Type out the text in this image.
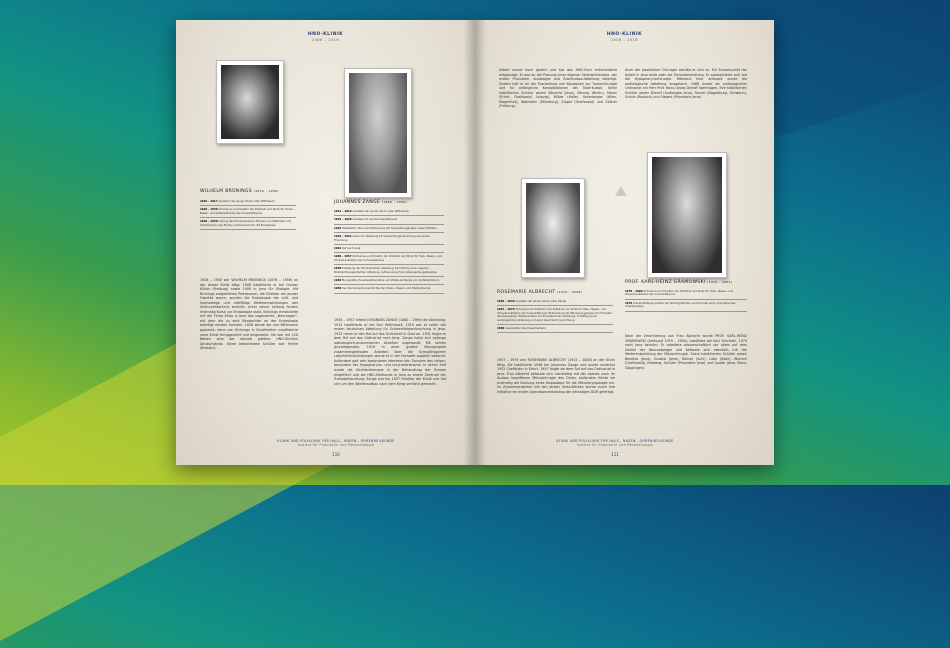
HNO-KLINIK
2006 – 2016
WILHELM BRÜNINGS (1876 – 1958)
1916 – 1917 Assistent der Jenaer Klinik unter Wittmaack
1926 – 1930 Ordinarius und Direktor der Poliklinik und Klinik für Ohren-, Nasen- und Kehlkopfkranke der Universität Jena
1926 – 1930 Leitung des Klinikneubaues, Erfinder von Methoden und Instrumenten des Faches, Autorenkreis für die Endoskopie
JOHANNES ZANGE (1880 – 1969)
1911 – 1919 Assistent der Jenaer Klinik unter Wittmaack
1919 – 1920 Assistent im Garnisonlazarett Jena
1916 Habilitation über die Entzündung der Sympatikusganglien Labyrinthfistel
1919 – 1922 Leiter der Abteilung für Schwerhörigenforschung der Jenaer Forschung
1922 Ruf nach Graz
1930 – 1957 Ordinarius und Direktor der Poliklinik und Klinik für Hals-, Nasen- und Ohrenkrankheiten der Universität Jena
1938 Erstellung der Phoniatrischen Abteilung, Einrichtung einer eigenen Strahlentherapeutischen Abteilung, Aufbau eines Tumorüberwachungsdienstes
1940 Monografie, Hausmedizinerlehre und Zitate als Studie von Verfallentümern
1950 Der ökumenische Geschichte der Ohren-, Nasen- und Halsheilkunde
1926 – 1930 war WILHELM BRÜNINGS (1876 – 1958) an der Jenaer Klinik tätig. 1908 habilitierte er bei Gustav Killian (Freiburg) sowie 1909 in Jena für Otologie. Mit Brünings aufgeklärten Professoren, die Direktor der Jenaer Fakultät waren, wurden die Endoskopie der Luft- und Speisewege und vielfältige Weiterentwicklungen des Instrumentariums erreicht. Unter seiner Leitung fanden erstmalig Kurse zur Endoskopie statt. Brünings entwickelte mit der Firma Zeiss in Jena das sogenannte „Neuraagor“, mit dem die zu acht Beobachter an der Endoskopie beteiligt werden konnten. 1928 wurde die von Wittmaack geplante, dann von Brünings in Einzelheiten modifizierte neue Klinik fertiggestellt und eingeweiht. Sie war mit 120 Betten eine der damals größten HNO-Kliniken Deutschlands. Seine bekannteste Schüler war Fehrle (Breslau).
1930 – 1957 leitete JOHANNES ZANGE (1880 – 1969) die Abteilung. 1913 habilitierte er bei Karl Wittmaack. 1919 war er Leiter der ersten deutschen Abteilung für Schwerhörigenforschung in Jena. 1922 nahm er den Ruf auf das Ordinariat in Graz an. 1931 folgte er dem Ruf auf das Ordinariat nach Jena. Zange hatte sich anfangs pathologisch-anatomischen Arbeiten zugewandt. Mit seinen grundlegenden, 1919 in einer großen Monographie zusammengefassten Arbeiten über die Sympathogenen Labyrinthentzündungen wurde er in der Fachwelt sogleich bekannt. Außerdem galt sein besonderes Interesse den Tumoren des Halses, besonders der Hypopharynx- und Larynxkarzinome. In seiner Zeit wurde die Strahlentherapie in der Behandlung der Tumore eingeführt und die HNO-Heilkunde in Jena zu einem Zentrum der Tumorbehandlung. Zange war bis 1957 Direktor der Klinik und hat sich um den Wiederaufbau nach dem Krieg verdient gemacht.
KLINIK UND POLIKLINIK FÜR HALS-, NASEN-, OHRENHEILKUNDE
Institut für Phoniatrie und Pädaudiologie
110
HNO-KLINIK
2006 – 2016
leitete wurde hoch geehrt und hat das HNO-Fach entscheidend mitgeprägt. Er war an der Planung einer eigenen Strahlentherapie, der ersten Phoniatrie, Audiologie und Tuberkulose-Abteilung beteiligt. Zudem half er an der Erarbeitung von Konzepten zur Tumorchirurgie und für anfängliche Komplikationen der Tuberkulose. Seine habilitierten Schüler waren Albrecht (Jena), Mennig (Berlin), Moser (Erfurt, Greifswald, Leipzig), Müller (Halle), Unterberger (Wien, Klagenfurt), Wahlstein (Würzburg), Zippel (Greifswald) und Zöllner (Freiburg).
Auch der plastischen Chirurgie wandte er sich zu. Ein Schwerpunkt der Arbeit in Jena blieb aber die Tumorbehandlung. Er spezialisierte sich auf die Hypopharynxchirurgie. Während ihrer Amtszeit wurde die audiologische Abteilung ausgebaut. 1968 wurde als audiologischer Ordinariat ein Herr Prof. Hans-Georg Dieroff übertragen. Ihre habilitierten Schüler waren Dieroff (Audiologie Jena), Fendel (Magdeburg, Schwerin), Schulz (Rostock) und Siegert (Phoniatrie Jena).
ROSEMARIE ALBRECHT (1915 – 2008)
1940 – 1949 Assistent der Jenaer Klinik unter Zange
1957 – 1979 Ordinaria und Direktorin der Poliklinik und Klinik für Hals-, Nasen- und Ohrenkrankheiten der Universität Jena, Entwicklung der Mikrolaryngologie durch Einsatz des Kolposkops, Wiederaufbau der Phoniatrischen Abteilung, Schaffung einer audiologischen Abteilung und einer Geschlecht Ausrichtung
1966 Geschwister des Rosenheimers
PROF. KARL-HEINZ GRAMOWSKI (1926 – 2003)
1979 – 1990 Ordinarius und Direktor der Poliklinik und Klinik für Hals-, Nasen- und Ohrenkrankheiten der Universität Jena
1979 Krankheitsfolge Schüler der Stimmgutachter und Gründer einer phoniatrischen Arbeitsgruppe
1957 – 1979 war ROSEMARIE ALBRECHT (1915 – 2008) an der Klinik tätig. Sie habilitierte 1946 bei Johannes Zange und wurde zunächst 1952 Chefärztin in Erfurt. 1957 folgte sie dem Ruf auf das Ordinariat in Jena. Frau Albrecht befasste sich nachhaltig mit der damals noch im Ausbau begriffenen Mikrochirurgie des Ohres. Außerdem führte sie erstmalig die Nutzung eines Kolposkops für die Mikrolaryngologie ein. Im Zusammenwirken mit den Jenaer Zeiss-Werken wurde durch ihre Initiative ein erstes Operationsmikroskop der damaligen DDR gefertigt.
Nach der Emeritierung von Frau Albrecht wurde PROF. KARL-HEINZ GRAMOWSKI (Amtszeit 1979 – 1990), habilitiert bei Kurt Schröder, 1979 nach Jena berufen. Er arbeitete wissenschaftlich vor allem auf dem Gebiet der Neurootologie und befasste sich ebenfalls mit der Weiterentwicklung der Mikrochirurgie. Seine habilitierten Schüler waren Beleites (Jena), Gudziol (Jena), Kühnel (Suhl), Lübe (Halle), Wünsch (Greifswald), Rohberg, Schüler (Phoniatrie Jena) und Quade (Jena, Bonn, Göppingen).
KLINIK UND POLIKLINIK FÜR HALS-, NASEN-, OHRENHEILKUNDE
Institut für Phoniatrie und Pädaudiologie
111
